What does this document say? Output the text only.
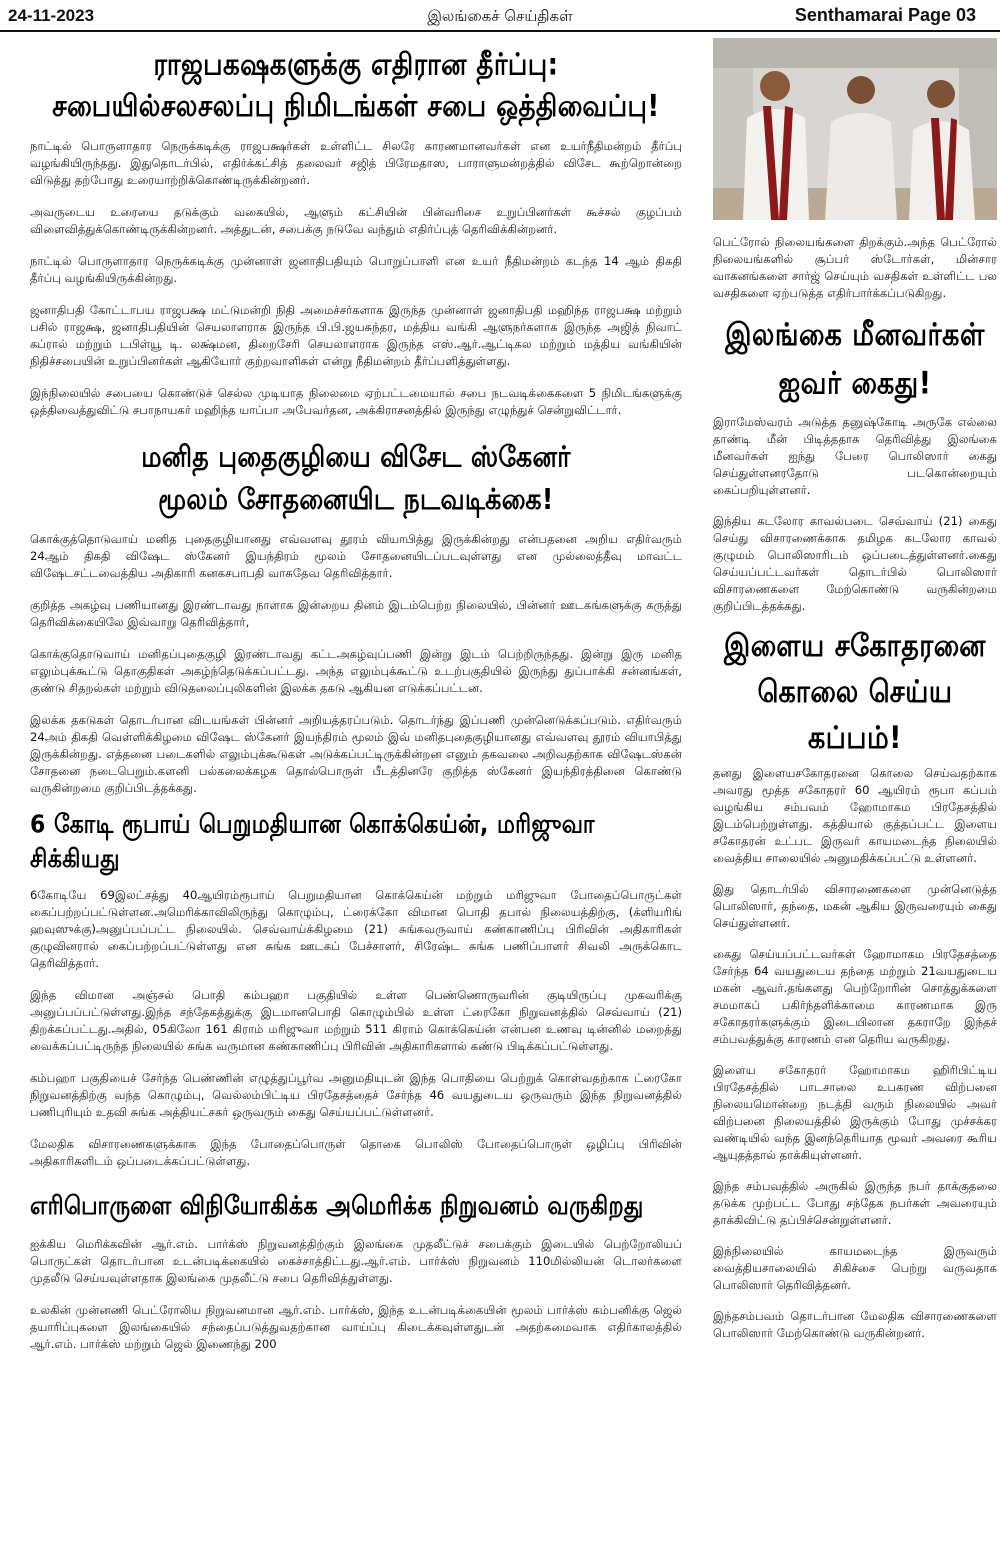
24-11-2023	இலங்கைச் செய்திகள்	Senthamarai Page 03
ராஜபகஷகளுக்கு எதிரான தீர்ப்பு:
சபையில்சலசலப்பு நிமிடங்கள் சபை ஒத்திவைப்பு!

நாட்டில் பொருளாதார நெருக்கடிக்கு ராஜபக்ஷர்கள் உள்ளிட்ட சிலரே காரணமானவர்கள் என உயர்நீதிமன்றம் தீர்ப்பு வழங்கியிருந்தது. இதுதொடர்பில், எதிர்க்கட்சித் தலைவர் சஜித் பிரேமதாஸ, பாராளுமன்றத்தில் விசேட கூற்றொன்றை விடுத்து தற்போது உரையாற்றிக்கொண்டிருக்கின்றனர்.

அவருடைய உரையை தடுக்கும் வகையில், ஆளும் கட்சியின் பின்வரிசை உறுப்பினர்கள் கூச்சல் குழப்பம் விளைவித்துக்கொண்டிருக்கின்றனர். அத்துடன், சபைக்கு நடுவே வந்தும் எதிர்ப்புத் தெரிவிக்கின்றனர்.

நாட்டில் பொருளாதார நெருக்கடிக்கு முன்னாள் ஜனாதிபதியும் பொறுப்பாளி என உயர் நீதிமன்றம் கடந்த 14 ஆம் திகதி தீர்ப்பு வழங்கியிருக்கின்றது.

ஜனாதிபதி கோட்டாபய ராஜபக்ஷ மட்டுமன்றி நிதி அமைச்சர்களாக இருந்த முன்னாள் ஜனாதிபதி மஹிந்த ராஜபக்ஷ மற்றும் பசில் ராஜக்ஷ, ஜனாதிபதியின் செயலாளராக இருந்த பி.பி.ஜயசுந்தர, மத்திய வங்கி ஆளுநர்களாக இருந்த அஜித் நிவாட் கப்ரால் மற்றும் டபிள்யூ டி. லக்ஷ்மன, திறைசேரி செயலாளராக இருந்த எஸ்.ஆர்.ஆட்டிகல மற்றும் மத்திய வங்கியின் நிதிச்சபையின் உறுப்பினர்கள் ஆகியோர் குற்றவாளிகள் என்று நீதிமன்றம் தீர்ப்பளித்துள்ளது.

இந்நிலையில் சபையை கொண்டுச் செல்ல முடியாத நிலைமை ஏற்பட்டமையால் சபை நடவடிக்கைகளை 5 நிமிடங்களுக்கு ஒத்திவைத்துவிட்டு சபாநாயகர் மஹிந்த யாப்பா அபேவர்தன, அக்கிராசனத்தில் இருந்து எழுந்துச் சென்றுவிட்டார்.

மனித புதைகுழியை விசேட ஸ்கேனர்
மூலம் சோதனையிட நடவடிக்கை!

கொக்குத்தொடுவாய் மனித புதைகுழியானது எவ்வளவு தூரம் வியாபித்து இருக்கின்றது என்பதனை அறிய எதிர்வரும் 24ஆம் திகதி விஷேட ஸ்கேனர் இயந்திரம் மூலம் சோதனையிடப்படவுள்ளது என முல்லைத்தீவு மாவட்ட விஷேடசட்டவைத்திய அதிகாரி கனகசபாபதி வாசுதேவ தெரிவித்தார்.

குறித்த அகழ்வு பணியானது இரண்டாவது நாளாக இன்றைய தினம் இடம்பெற்ற நிலையில், பின்னர் ஊடகங்களுக்கு கருத்து தெரிவிக்கையிலே இவ்வாறு தெரிவித்தார்,

கொக்குதொடுவாய் மனிதப்புதைகுழி இரண்டாவது கட்டஅகழ்வுப்பணி இன்று இடம் பெற்றிருந்தது. இன்று இரு மனித எலும்புக்கூட்டு தொகுதிகள் அகழ்ந்தெடுக்கப்பட்டது. அந்த எலும்புக்கூட்டு உடற்பகுதியில் இருந்து துப்பாக்கி சன்னங்கள், குண்டு சிதறல்கள் மற்றும் விடுதலைப்புலிகளின் இலக்க தகடு ஆகியன எடுக்கப்பட்டன.

இலக்க தகடுகள் தொடர்பான விடயங்கள் பின்னர் அறியத்தரப்படும். தொடர்ந்து இப்பணி முன்னெடுக்கப்படும். எதிர்வரும் 24அம் திகதி வெள்ளிக்கிழமை விஷேட ஸ்கேனர் இயந்திரம் மூலம் இவ் மனிதபுதைகுழியானது எவ்வளவு தூரம் வியாபித்து இருக்கின்றது. எத்தனை படைகளில் எலும்புக்கூடுகள் அடுக்கப்பட்டிருக்கின்றன எனும் தகவலை அறிவதற்காக விஷேடஸ்கன் சோதனை நடைபெறும்.களனி பல்கலைக்கழக தொல்பொருள் பீடத்தினரே குறித்த ஸ்கேனர் இயந்திரத்தினை கொண்டு வருகின்றமை குறிப்பிடத்தக்கது.

6 கோடி ரூபாய் பெறுமதியான கொக்கெய்ன், மரிஜுவா சிக்கியது

6கோடியே 69இலட்சத்து 40ஆயிரம்ரூபாய் பெறுமதியான கொக்கெய்ன் மற்றும் மரிஜுவா போதைப்பொருட்கள் கைப்பற்றப்பட்டுள்ளன.அமெரிக்காவிலிருந்து கொழும்பு, ட்ரைக்கோ விமான பொதி தபால் நிலையத்திற்கு, (க்ளியரிங் ஹவுஸுக்கு)அனுப்பப்பட்ட நிலையில். செவ்வாய்க்கிழமை (21) சுங்கவருவாய் கண்காணிப்பு பிரிவின் அதிகாரிகள் குழுவினரால் கைப்பற்றப்பட்டுள்ளது என சுங்க ஊடகப் பேச்சாளர், சிரேஷ்ட சுங்க பணிப்பாளர் சிவலி அருக்கொட தெரிவித்தார்.

இந்த விமான அஞ்சல் பொதி கம்பஹா பகுதியில் உள்ள பெண்ணொருவரின் குடியிருப்பு முகவரிக்கு அனுப்பப்பட்டுள்ளது.இந்த சந்தேகத்துக்கு இடமானபொதி கொழும்பில் உள்ள ட்ரைகோ நிறுவனத்தில் செவ்வாய் (21) திறக்கப்பட்டது.அதில், 05கிலோ 161 கிராம் மரிஜுவா மற்றும் 511 கிராம் கொக்கெய்ன் என்பன உணவு டின்னில் மறைத்து வைக்கப்பட்டிருந்த நிலையில் சுங்க வருமான கண்காணிப்பு பிரிவின் அதிகாரிகளால் கண்டு பிடிக்கப்பட்டுள்ளது.

கம்பஹா பகுதியைச் சேர்ந்த பெண்ணின் எழுத்துப்பூர்வ அனுமதியுடன் இந்த பொதியை பெற்றுக் கொள்வதற்காக ட்ரைகோ நிறுவனத்திற்கு வந்த கொழும்பு, வெல்லம்பிட்டிய பிரதேசத்தைச் சேர்ந்த 46 வயதுடைய ஒருவரும் இந்த நிறுவனத்தில் பணிபுரியும் உதவி சுங்க அத்தியட்சகர் ஒருவரும் கைது செய்யப்பட்டுள்ளனர்.

மேலதிக விசாரணைகளுக்காக இந்த போதைப்பொருள் தொகை பொலிஸ் போதைப்பொருள் ஒழிப்பு பிரிவின் அதிகாரிகளிடம் ஒப்படைக்கப்பட்டுள்ளது.

எரிபொருளை விநியோகிக்க அமெரிக்க நிறுவனம் வருகிறது

ஐக்கிய மெரிக்கவின் ஆர்.எம். பார்க்ஸ் நிறுவனத்திற்கும் இலங்கை முதலீட்டுச் சபைக்கும் இடையில் பெற்றோலியப் பொருட்கள் தொடர்பான உடன்படிக்கையில் கைச்சாத்திட்டது.ஆர்.எம். பார்க்ஸ் நிறுவனம் 110மில்லியன் டொலர்களை முதலீடு செய்யவுள்ளதாக இலங்கை முதலீட்டு சபை தெரிவித்துள்ளது.

உலகின் முன்னணி பெட்ரோலிய நிறுவனமான ஆர்.எம். பார்க்ஸ், இந்த உடன்படிக்கையின் மூலம் பார்க்ஸ் கம்பனிக்கு ஜெல் தயாரிப்புகளை இலங்கையில் சந்தைப்படுத்துவதற்கான வாய்ப்பு கிடைக்கவுள்ளதுடன் அதற்கமைவாக எதிர்காலத்தில் ஆர்.எம். பார்க்ஸ் மற்றும் ஜெல் இணைந்து 200

பெட்ரோல் நிலையங்களை திறக்கும்.அந்த பெட்ரோல் நிலையங்களில் சூப்பர் ஸ்டோர்கள், மின்சார வாகனங்களை சார்ஜ் செய்யும் வசதிகள் உள்ளிட்ட பல வசதிகளை ஏற்படுத்த எதிர்பார்க்கப்படுகிறது.

இலங்கை மீனவர்கள்
ஐவர் கைது!

இராமேஸ்வரம் அடுத்த தனுஷ்கோடி அருகே எல்லை தாண்டி மீன் பிடித்ததாக தெரிவித்து இலங்கை மீனவர்கள் ஐந்து பேரை பொலிஸார் கைது செய்துள்ளனரதோடு படகொன்றையும் கைப்பறியுள்ளனர்.

இந்திய கடலோர காவல்படை செவ்வாய் (21) கைது செய்து விசாரணைக்காக தமிழக கடலோர காவல் குழுமம் பொலிஸாரிடம் ஒப்படைத்துள்ளனர்.கைது செய்யப்பட்டவர்கள் தொடர்பில் பொலிஸார் விசாரணைகளை மேற்கொண்டு வருகின்றமை குறிப்பிடத்தக்கது.

இளைய சகோதரனை
கொலை செய்ய கப்பம்!

தனது இளையசகோதரனை கொலை செய்வதற்காக அவரது மூத்த சகோதரர் 60 ஆயிரம் ரூபா கப்பம் வழங்கிய சம்பவம் ஹோமாகம பிரதேசத்தில் இடம்பெற்றுள்ளது. கத்தியால் குத்தப்பட்ட இளைய சகோதரன் உட்பட இருவர் காயமடைந்த நிலையில் வைத்திய சாலையில் அனுமதிக்கப்பட்டு உள்ளனர்.

இது தொடர்பில் விசாரணைகளை முன்னெடுத்த பொலிஸார், தந்தை, மகன் ஆகிய இருவரையும் கைது செய்துள்ளனர்.

கைது செய்யப்பட்டவர்கள் ஹோமாகம பிரதேசத்தை சேர்ந்த 64 வயதுடைய தந்தை மற்றும் 21வயதுடைய மகன் ஆவர்.தங்களது பெற்றோரின் சொத்துக்களை சமமாகப் பகிர்ந்தளிக்காமை காரணமாக இரு சகோதரர்களுக்கும் இடையிலான தகராறே இந்தச் சம்பவத்துக்கு காரணம் என தெரிய வருகிறது.

இளைய சகோதரர் ஹோமாகம ஹிரிபிட்டிய பிரதேசத்தில் பாடசாலை உபகரண விற்பனை நிலையமொன்றை நடத்தி வரும் நிலையில் அவர் விற்பனை நிலையத்தில் இருக்கும் போது முச்சக்கர வண்டியில் வந்த இனந்தெரியாத மூவர் அவரை கூரிய ஆயுதத்தால் தாக்கியுள்ளனர்.

இந்த சம்பவத்தில் அருகில் இருந்த நபர் தாக்குதலை தடுக்க முற்பட்ட போது சந்தேக நபர்கள் அவரையும் தாக்கிவிட்டு தப்பிச்சென்றுள்ளனர்.

இந்நிலையில் காயமடைந்த இருவரும் வைத்தியசாலையில் சிகிச்சை பெற்று வருவதாக பொலிஸார் தெரிவித்தனர்.

இந்தசம்பவம் தொடர்பான மேலதிக விசாரணைகளை பொலிஸார் மேற்கொண்டு வருகின்றனர்.
